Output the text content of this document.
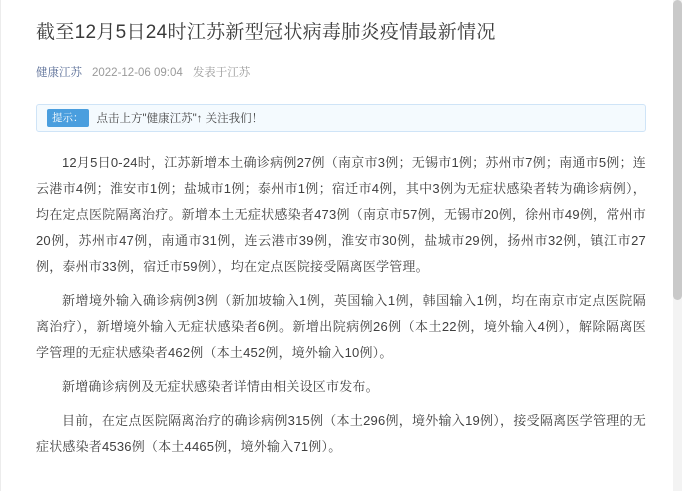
截至12月5日24时江苏新型冠状病毒肺炎疫情最新情况
健康江苏 2022-12-06 09:04 发表于江苏
提示：	点击上方"健康江苏"↑ 关注我们！

12月5日0-24时，江苏新增本土确诊病例27例（南京市3例；无锡市1例；苏州市7例；南通市5例；连云港市4例；淮安市1例；盐城市1例；泰州市1例；宿迁市4例，其中3例为无症状感染者转为确诊病例），均在定点医院隔离治疗。新增本土无症状感染者473例（南京市57例，无锡市20例，徐州市49例，常州市20例，苏州市47例，南通市31例，连云港市39例，淮安市30例，盐城市29例，扬州市32例，镇江市27例，泰州市33例，宿迁市59例），均在定点医院接受隔离医学管理。

新增境外输入确诊病例3例（新加坡输入1例，英国输入1例，韩国输入1例，均在南京市定点医院隔离治疗），新增境外输入无症状感染者6例。新增出院病例26例（本土22例，境外输入4例），解除隔离医学管理的无症状感染者462例（本土452例，境外输入10例）。

新增确诊病例及无症状感染者详情由相关设区市发布。

目前，在定点医院隔离治疗的确诊病例315例（本土296例，境外输入19例），接受隔离医学管理的无症状感染者4536例（本土4465例，境外输入71例）。
